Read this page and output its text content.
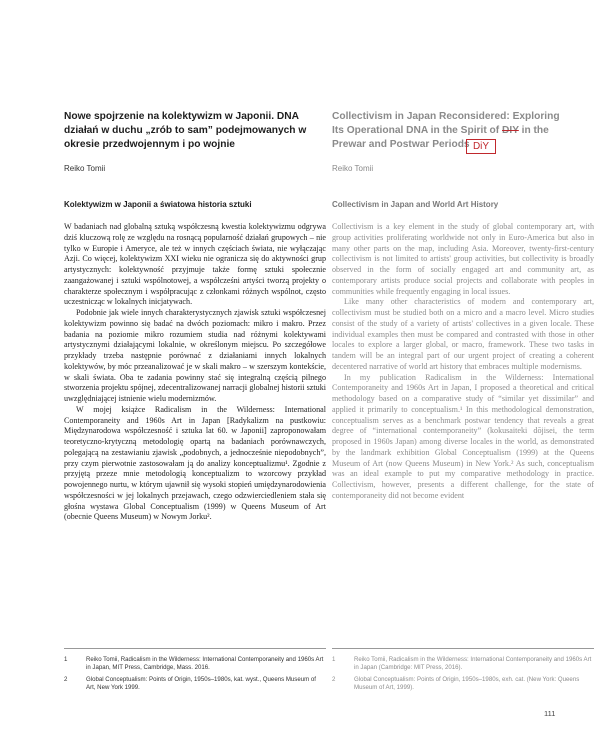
Nowe spojrzenie na kolektywizm w Japonii. DNA działań w duchu „zrób to sam” podejmowanych w okresie przedwojennym i po wojnie
Reiko Tomii
Kolektywizm w Japonii a światowa historia sztuki

W badaniach nad globalną sztuką współczesną kwestia kolektywizmu odgrywa dziś kluczową rolę ze względu na rosnącą popularność działań grupowych – nie tylko w Europie i Ameryce, ale też w innych częściach świata, nie wyłączając Azji. Co więcej, kolektywizm XXI wieku nie ogranicza się do aktywności grup artystycznych: kolektywność przyjmuje także formę sztuki społecznie zaangażowanej i sztuki wspólnotowej, a współcześni artyści tworzą projekty o charakterze społecznym i współpracując z członkami różnych wspólnot, często uczestnicząc w lokalnych inicjatywach.

Podobnie jak wiele innych charakterystycznych zjawisk sztuki współczesnej kolektywizm powinno się badać na dwóch poziomach: mikro i makro. Przez badania na poziomie mikro rozumiem studia nad różnymi kolektywami artystycznymi działającymi lokalnie, w określonym miejscu. Po szczegółowe przykłady trzeba następnie porównać z działaniami innych lokalnych kolektywów, by móc przeanalizować je w skali makro – w szerszym kontekście, w skali świata. Oba te zadania powinny stać się integralną częścią pilnego stworzenia projektu spójnej, zdecentralizowanej narracji globalnej historii sztuki uwzględniającej istnienie wielu modernizmów.

W mojej książce Radicalism in the Wilderness: International Contemporaneity and 1960s Art in Japan [Radykalizm na pustkowiu: Międzynarodowa współczesność i sztuka lat 60. w Japonii] zaproponowałam teoretyczno-krytyczną metodologię opartą na badaniach porównawczych, polegającą na zestawianiu zjawisk „podobnych, a jednocześnie niepodobnych”, przy czym pierwotnie zastosowałam ją do analizy konceptualizmu¹. Zgodnie z przyjętą przeze mnie metodologią konceptualizm to wzorcowy przykład powojennego nurtu, w którym ujawnił się wysoki stopień umiędzynarodowienia współczesności w jej lokalnych przejawach, czego odzwierciedleniem stała się głośna wystawa Global Conceptualism (1999) w Queens Museum of Art (obecnie Queens Museum) w Nowym Jorku².

1	Reiko Tomii, Radicalism in the Wilderness: International Contemporaneity and 1960s Art in Japan, MIT Press, Cambridge, Mass. 2016.
2	Global Conceptualism: Points of Origin, 1950s–1980s, kat. wyst., Queens Museum of Art, New York 1999.
Collectivism in Japan Reconsidered: Exploring Its Operational DNA in the Spirit of DIY in the Prewar and Postwar Periods DiY
Reiko Tomii
Collectivism in Japan and World Art History

Collectivism is a key element in the study of global contemporary art, with group activities proliferating worldwide not only in Euro-America but also in many other parts on the map, including Asia. Moreover, twenty-first-century collectivism is not limited to artists' group activities, but collectivity is broadly observed in the form of socially engaged art and community art, as contemporary artists produce social projects and collaborate with peoples in communities while frequently engaging in local issues.

Like many other characteristics of modern and contemporary art, collectivism must be studied both on a micro and a macro level. Micro studies consist of the study of a variety of artists' collectives in a given locale. These individual examples then must be compared and contrasted with those in other locales to explore a larger global, or macro, framework. These two tasks in tandem will be an integral part of our urgent project of creating a coherent decentered narrative of world art history that embraces multiple modernisms.

In my publication Radicalism in the Wilderness: International Contemporaneity and 1960s Art in Japan, I proposed a theoretical and critical methodology based on a comparative study of “similar yet dissimilar” and applied it primarily to conceptualism.¹ In this methodological demonstration, conceptualism serves as a benchmark postwar tendency that reveals a great degree of “international contemporaneity” (kokusaiteki dōjisei, the term proposed in 1960s Japan) among diverse locales in the world, as demonstrated by the landmark exhibition Global Conceptualism (1999) at the Queens Museum of Art (now Queens Museum) in New York.² As such, conceptualism was an ideal example to put my comparative methodology in practice. Collectivism, however, presents a different challenge, for the state of contemporaneity did not become evident

1	Reiko Tomii, Radicalism in the Wilderness: International Contemporaneity and 1960s Art in Japan (Cambridge: MIT Press, 2016).
2	Global Conceptualism: Points of Origin, 1950s–1980s, exh. cat. (New York: Queens Museum of Art, 1999).
111
